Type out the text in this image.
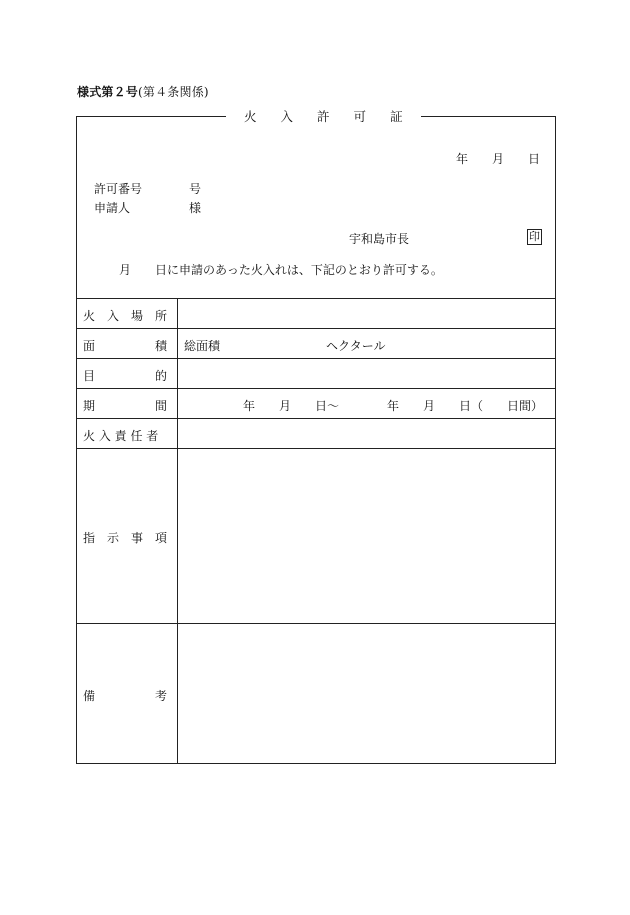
様式第２号(第４条関係)
火 入 許 可 証
年 月 日
許可番号	号
申請人	様
宇和島市長	印
月　　日に申請のあった火入れは、下記のとおり許可する。
火　入　場　所
面　　　　　積 総面積	ヘクタール
目　　　　　的
期　　　　　間	年　　月　　日～　　　　年　　月　　日（　　日間）
火 入 責 任 者
指　示　事　項
備　　　　　考
